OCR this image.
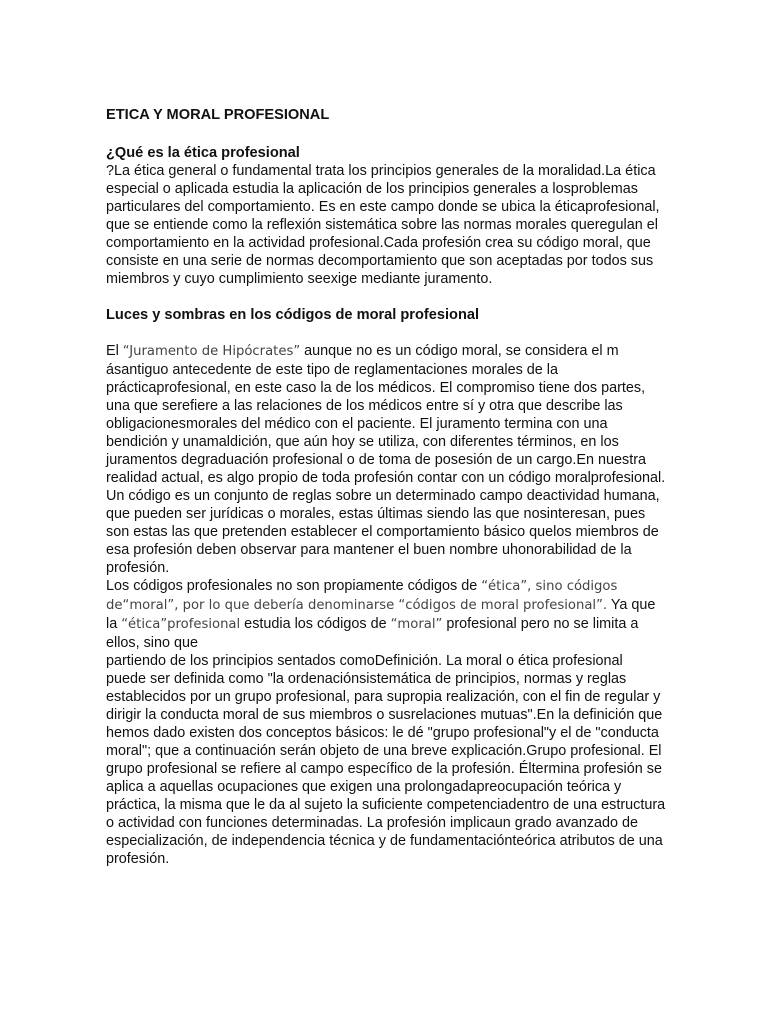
ETICA Y MORAL PROFESIONAL

¿Qué es la ética profesional

?La ética general o fundamental trata los principios generales de la moralidad.La ética especial o aplicada estudia la aplicación de los principios generales a losproblemas particulares del comportamiento. Es en este campo donde se ubica la éticaprofesional, que se entiende como la reflexión sistemática sobre las normas morales queregulan el comportamiento en la actividad profesional.Cada profesión crea su código moral, que consiste en una serie de normas decomportamiento que son aceptadas por todos sus miembros y cuyo cumplimiento seexige mediante juramento.

Luces y sombras en los códigos de moral profesional

El “Juramento de Hipócrates” aunque no es un código moral, se considera el m ásantiguo antecedente de este tipo de reglamentaciones morales de la prácticaprofesional, en este caso la de los médicos. El compromiso tiene dos partes, una que serefiere a las relaciones de los médicos entre sí y otra que describe las obligacionesmorales del médico con el paciente. El juramento termina con una bendición y unamaldición, que aún hoy se utiliza, con diferentes términos, en los juramentos degraduación profesional o de toma de posesión de un cargo.En nuestra realidad actual, es algo propio de toda profesión contar con un código moralprofesional. Un código es un conjunto de reglas sobre un determinado campo deactividad humana, que pueden ser jurídicas o morales, estas últimas siendo las que nosinteresan, pues son estas las que pretenden establecer el comportamiento básico quelos miembros de esa profesión deben observar para mantener el buen nombre uhonorabilidad de la profesión.

Los códigos profesionales no son propiamente códigos de “ética”, sino códigos de“moral”, por lo que debería denominarse “códigos de moral profesional”. Ya que la “ética”profesional estudia los códigos de “moral” profesional pero no se limita a ellos, sino que

partiendo de los principios sentados comoDefinición. La moral o ética profesional puede ser definida como "la ordenaciónsistemática de principios, normas y reglas establecidos por un grupo profesional, para supropia realización, con el fin de regular y dirigir la conducta moral de sus miembros o susrelaciones mutuas".En la definición que hemos dado existen dos conceptos básicos: le dé "grupo profesional"y el de "conducta moral"; que a continuación serán objeto de una breve explicación.Grupo profesional. El grupo profesional se refiere al campo específico de la profesión. Éltermina profesión se aplica a aquellas ocupaciones que exigen una prolongadapreocupación teórica y práctica, la misma que le da al sujeto la suficiente competenciadentro de una estructura o actividad con funciones determinadas. La profesión implicaun grado avanzado de especialización, de independencia técnica y de fundamentaciónteórica atributos de una profesión.
